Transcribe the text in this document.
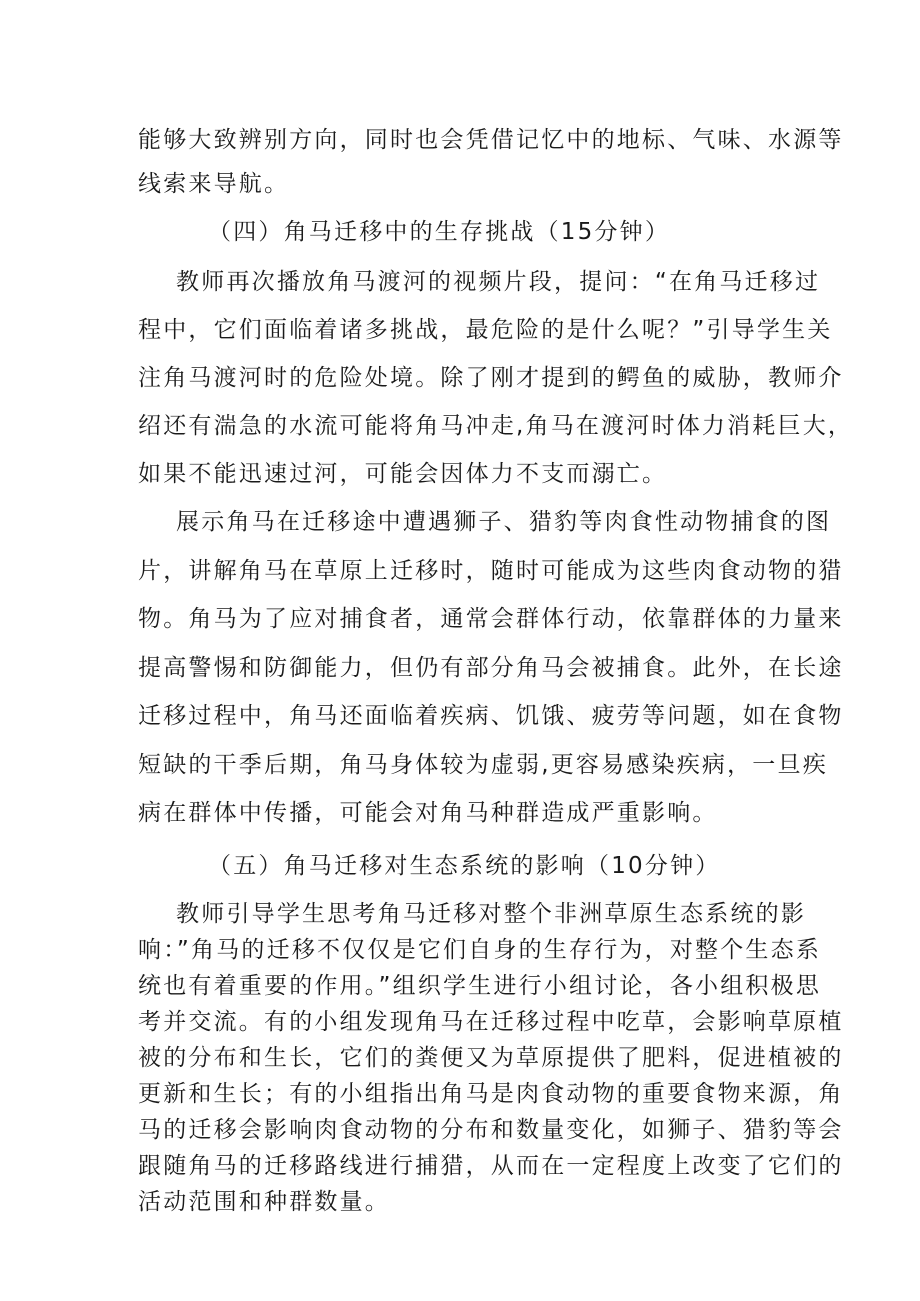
能够大致辨别方向，同时也会凭借记忆中的地标、气味、水源等
线索来导航。
（四）角马迁移中的生存挑战（15分钟）
教师再次播放角马渡河的视频片段，提问：“在角马迁移过
程中，它们面临着诸多挑战，最危险的是什么呢？”引导学生关
注角马渡河时的危险处境。除了刚才提到的鳄鱼的威胁，教师介
绍还有湍急的水流可能将角马冲走,角马在渡河时体力消耗巨大，
如果不能迅速过河，可能会因体力不支而溺亡。
展示角马在迁移途中遭遇狮子、猎豹等肉食性动物捕食的图
片，讲解角马在草原上迁移时，随时可能成为这些肉食动物的猎
物。角马为了应对捕食者，通常会群体行动，依靠群体的力量来
提高警惕和防御能力，但仍有部分角马会被捕食。此外，在长途
迁移过程中，角马还面临着疾病、饥饿、疲劳等问题，如在食物
短缺的干季后期，角马身体较为虚弱,更容易感染疾病，一旦疾
病在群体中传播，可能会对角马种群造成严重影响。
（五）角马迁移对生态系统的影响（10分钟）
教师引导学生思考角马迁移对整个非洲草原生态系统的影
响：”角马的迁移不仅仅是它们自身的生存行为，对整个生态系
统也有着重要的作用。”组织学生进行小组讨论，各小组积极思
考并交流。有的小组发现角马在迁移过程中吃草，会影响草原植
被的分布和生长，它们的粪便又为草原提供了肥料，促进植被的
更新和生长；有的小组指出角马是肉食动物的重要食物来源，角
马的迁移会影响肉食动物的分布和数量变化，如狮子、猎豹等会
跟随角马的迁移路线进行捕猎，从而在一定程度上改变了它们的
活动范围和种群数量。
